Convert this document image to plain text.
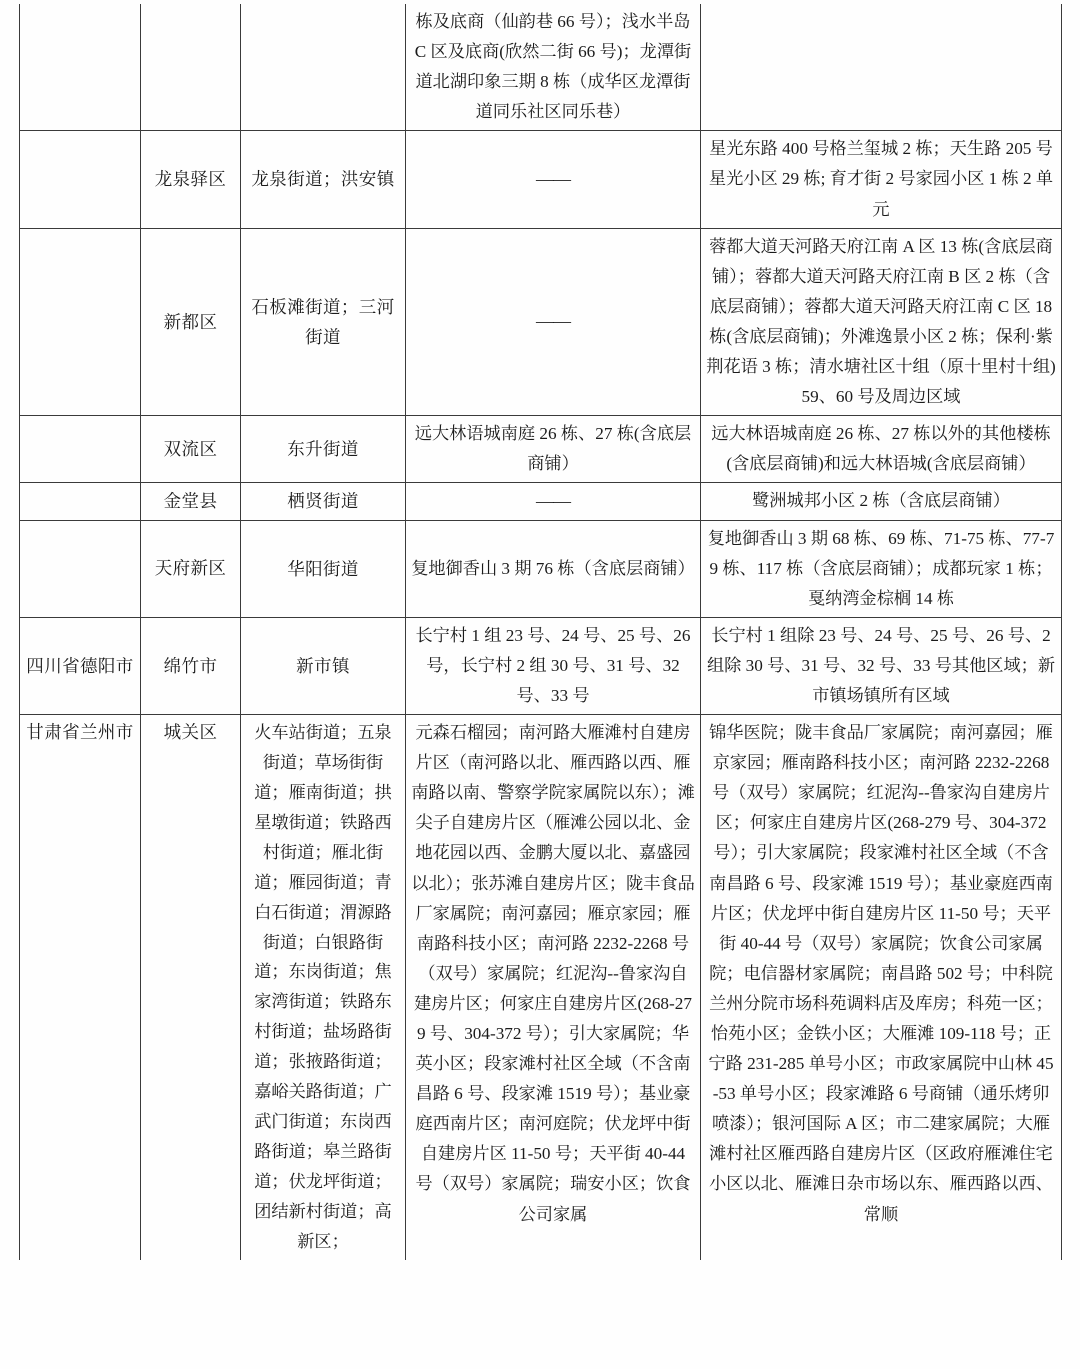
			栋及底商（仙韵巷 66 号）；浅水半岛 C 区及底商(欣然二街 66 号)；龙潭街道北湖印象三期 8 栋（成华区龙潭街道同乐社区同乐巷）	
	龙泉驿区	龙泉街道；洪安镇	——	星光东路 400 号格兰玺城 2 栋；天生路 205 号星光小区 29 栋; 育才街 2 号家园小区 1 栋 2 单元
	新都区	石板滩街道；三河街道	——	蓉都大道天河路天府江南 A 区 13 栋(含底层商铺）；蓉都大道天河路天府江南 B 区 2 栋（含底层商铺）；蓉都大道天河路天府江南 C 区 18 栋(含底层商铺)；外滩逸景小区 2 栋；保利·紫荆花语 3 栋；清水塘社区十组（原十里村十组)59、60 号及周边区域
	双流区	东升街道	远大林语城南庭 26 栋、27 栋(含底层商铺）	远大林语城南庭 26 栋、27 栋以外的其他楼栋(含底层商铺)和远大林语城(含底层商铺）
	金堂县	栖贤街道	——	鹭洲城邦小区 2 栋（含底层商铺）
	天府新区	华阳街道	复地御香山 3 期 76 栋（含底层商铺）	复地御香山 3 期 68 栋、69 栋、71-75 栋、77-79 栋、117 栋（含底层商铺）；成都玩家 1 栋；戛纳湾金棕榈 14 栋
四川省德阳市	绵竹市	新市镇	长宁村 1 组 23 号、24 号、25 号、26 号，长宁村 2 组 30 号、31 号、32 号、33 号	长宁村 1 组除 23 号、24 号、25 号、26 号、2 组除 30 号、31 号、32 号、33 号其他区域；新市镇场镇所有区域
甘肃省兰州市	城关区	火车站街道；五泉街道；草场街街道；雁南街道；拱星墩街道；铁路西村街道；雁北街道；雁园街道；青白石街道；渭源路街道；白银路街道；东岗街道；焦家湾街道；铁路东村街道；盐场路街道；张掖路街道；嘉峪关路街道；广武门街道；东岗西路街道；皋兰路街道；伏龙坪街道；团结新村街道；高新区；	元森石榴园；南河路大雁滩村自建房片区（南河路以北、雁西路以西、雁南路以南、警察学院家属院以东）；滩尖子自建房片区（雁滩公园以北、金地花园以西、金鹏大厦以北、嘉盛园以北）；张苏滩自建房片区；陇丰食品厂家属院；南河嘉园；雁京家园；雁南路科技小区；南河路 2232-2268 号（双号）家属院；红泥沟--鲁家沟自建房片区；何家庄自建房片区(268-279 号、304-372 号）；引大家属院；华英小区；段家滩村社区全域（不含南昌路 6 号、段家滩 1519 号）；基业豪庭西南片区；南河庭院；伏龙坪中街自建房片区 11-50 号；天平街 40-44 号（双号）家属院；瑞安小区；饮食公司家属	锦华医院；陇丰食品厂家属院；南河嘉园；雁京家园；雁南路科技小区；南河路 2232-2268 号（双号）家属院；红泥沟--鲁家沟自建房片区；何家庄自建房片区(268-279 号、304-372 号）；引大家属院；段家滩村社区全域（不含南昌路 6 号、段家滩 1519 号）；基业豪庭西南片区；伏龙坪中街自建房片区 11-50 号；天平街 40-44 号（双号）家属院；饮食公司家属院；电信器材家属院；南昌路 502 号；中科院兰州分院市场科苑调料店及库房；科苑一区；怡苑小区；金铁小区；大雁滩 109-118 号；正宁路 231-285 单号小区；市政家属院中山林 45-53 单号小区；段家滩路 6 号商铺（通乐烤卯喷漆）；银河国际 A 区；市二建家属院；大雁滩村社区雁西路自建房片区（区政府雁滩住宅小区以北、雁滩日杂市场以东、雁西路以西、常顺
